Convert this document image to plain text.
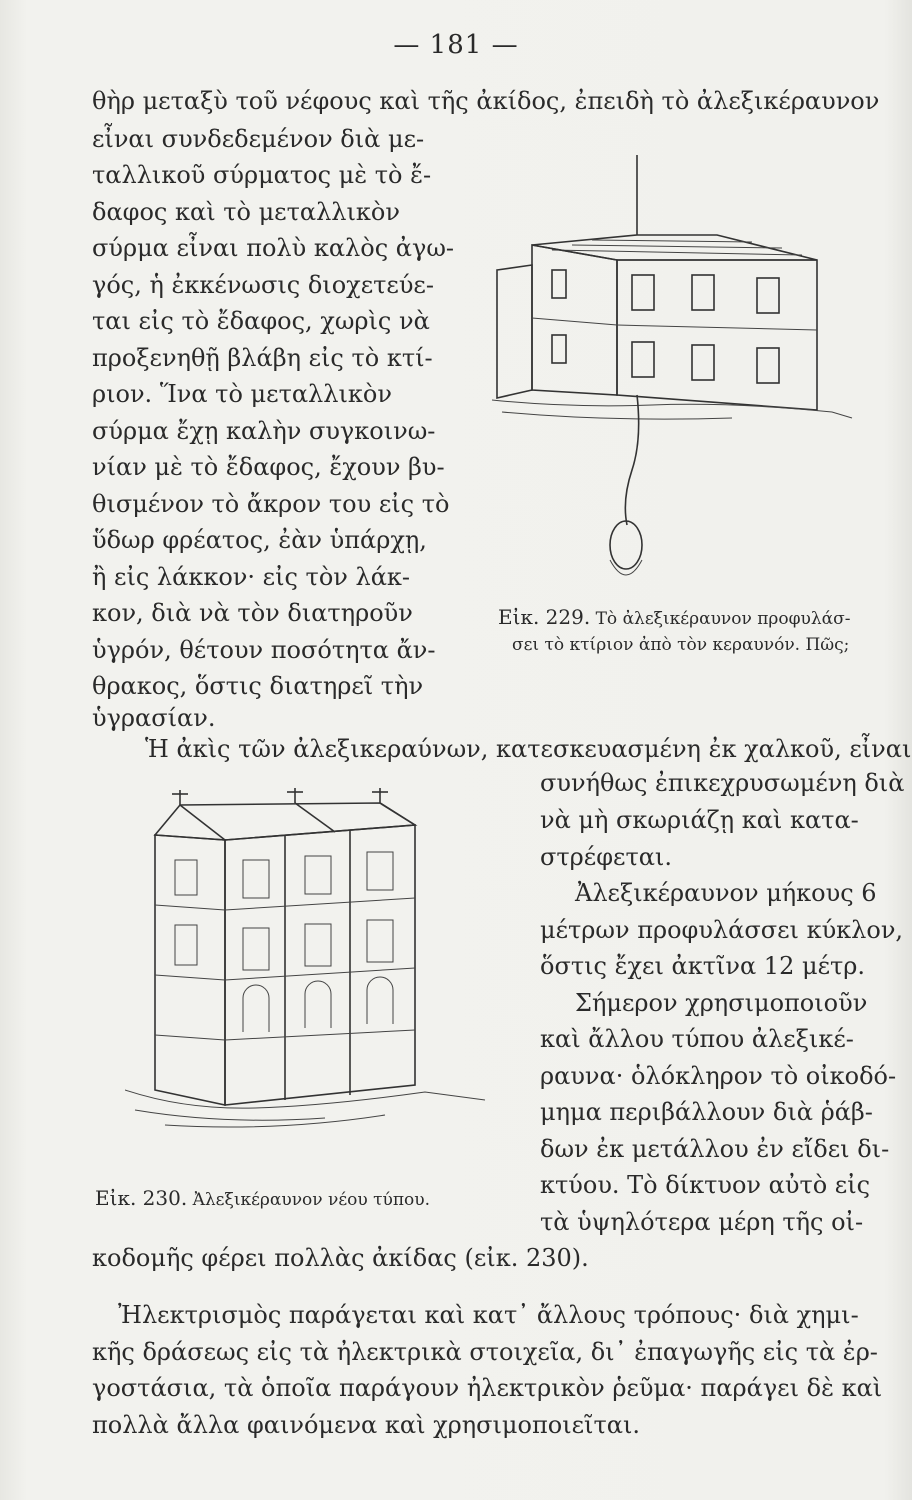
— 181 —
θὴρ μεταξὺ τοῦ νέφους καὶ τῆς ἀκίδος, ἐπειδὴ τὸ ἀλεξικέραυνον
εἶναι συνδεδεμένον διὰ με-
ταλλικοῦ σύρματος μὲ τὸ ἔ-
δαφος καὶ τὸ μεταλλικὸν
σύρμα εἶναι πολὺ καλὸς ἀγω-
γός, ἡ ἐκκένωσις διοχετεύε-
ται εἰς τὸ ἔδαφος, χωρὶς νὰ
προξενηθῇ βλάβη εἰς τὸ κτί-
ριον. Ἵνα τὸ μεταλλικὸν
σύρμα ἔχῃ καλὴν συγκοινω-
νίαν μὲ τὸ ἔδαφος, ἔχουν βυ-
θισμένον τὸ ἄκρον του εἰς τὸ
ὕδωρ φρέατος, ἐὰν ὑπάρχῃ,
ἢ εἰς λάκκον· εἰς τὸν λάκ-
κον, διὰ νὰ τὸν διατηροῦν
ὑγρόν, θέτουν ποσότητα ἄν-
θρακος, ὅστις διατηρεῖ τὴν
ὑγρασίαν.
Εἰκ. 229. Τὸ ἀλεξικέραυνον προφυλάσ-
σει τὸ κτίριον ἀπὸ τὸν κεραυνόν. Πῶς;
Ἡ ἀκὶς τῶν ἀλεξικεραύνων, κατεσκευασμένη ἐκ χαλκοῦ, εἶναι
συνήθως ἐπικεχρυσωμένη διὰ
νὰ μὴ σκωριάζῃ καὶ κατα-
στρέφεται.
Ἀλεξικέραυνον μήκους 6
μέτρων προφυλάσσει κύκλον,
ὅστις ἔχει ἀκτῖνα 12 μέτρ.
Σήμερον χρησιμοποιοῦν
καὶ ἄλλου τύπου ἀλεξικέ-
ραυνα· ὁλόκληρον τὸ οἰκοδό-
μημα περιβάλλουν διὰ ῥάβ-
δων ἐκ μετάλλου ἐν εἴδει δι-
κτύου. Τὸ δίκτυον αὐτὸ εἰς
τὰ ὑψηλότερα μέρη τῆς οἰ-
κοδομῆς φέρει πολλὰς ἀκίδας (εἰκ. 230).
Εἰκ. 230. Ἀλεξικέραυνον νέου τύπου.
Ἠλεκτρισμὸς παράγεται καὶ κατ᾽ ἄλλους τρόπους· διὰ χημι-
κῆς δράσεως εἰς τὰ ἠλεκτρικὰ στοιχεῖα, δι᾽ ἐπαγωγῆς εἰς τὰ ἐρ-
γοστάσια, τὰ ὁποῖα παράγουν ἠλεκτρικὸν ῥεῦμα· παράγει δὲ καὶ
πολλὰ ἄλλα φαινόμενα καὶ χρησιμοποιεῖται.
